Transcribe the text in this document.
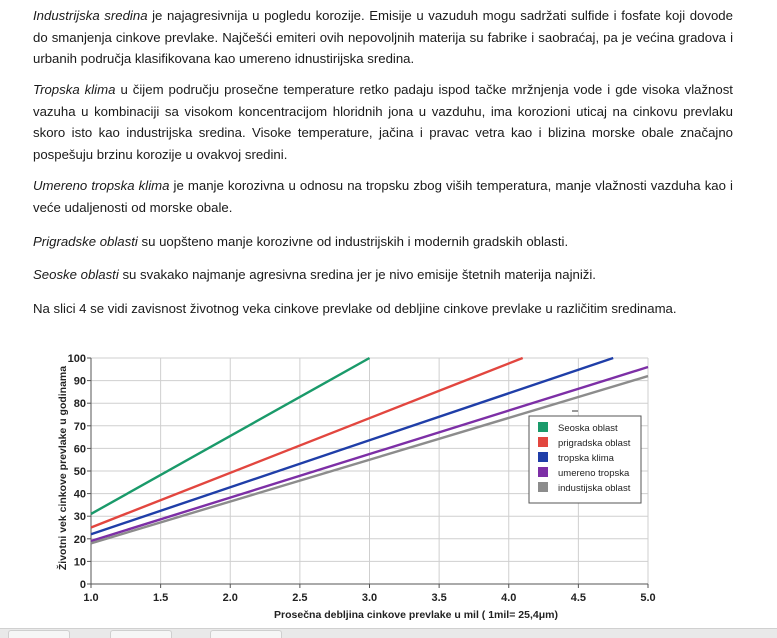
Industrijska sredina je najagresivnija u pogledu korozije. Emisije u vazuduh mogu sadržati sulfide i fosfate koji dovode do smanjenja cinkove prevlake. Najčešći emiteri ovih nepovoljnih materija su fabrike i saobraćaj, pa je većina gradova i urbanih područja klasifikovana kao umereno idnustirijska sredina.

Tropska klima u čijem području prosečne temperature retko padaju ispod tačke mržnjenja vode i gde visoka vlažnost vazuha u kombinaciji sa visokom koncentracijom hloridnih jona u vazduhu, ima korozioni uticaj na cinkovu prevlaku skoro isto kao industrijska sredina. Visoke temperature, jačina i pravac vetra kao i blizina morske obale značajno pospešuju brzinu korozije u ovakvoj sredini.

Umereno tropska klima je manje korozivna u odnosu na tropsku zbog viših temperatura, manje vlažnosti vazduha kao i veće udaljenosti od morske obale.

Prigradske oblasti su uopšteno manje korozivne od industrijskih i modernih gradskih oblasti.

Seoske oblasti su svakako najmanje agresivna sredina jer je nivo emisije štetnih materija najniži.

Na slici 4 se vidi zavisnost životnog veka cinkove prevlake od debljine cinkove prevlake u različitim sredinama.

0
10
20
30
40
50
60
70
80
90
100
1.0	1.5	2.0	2.5	3.0	3.5	4.0	4.5	5.0
Seoska oblast
prigradska oblast
tropska klima
umereno tropska
industijska oblast
Prosečna debljina cinkove prevlake u mil ( 1mil= 25,4μm)
Životni vek cinkove prevlake u godinama
